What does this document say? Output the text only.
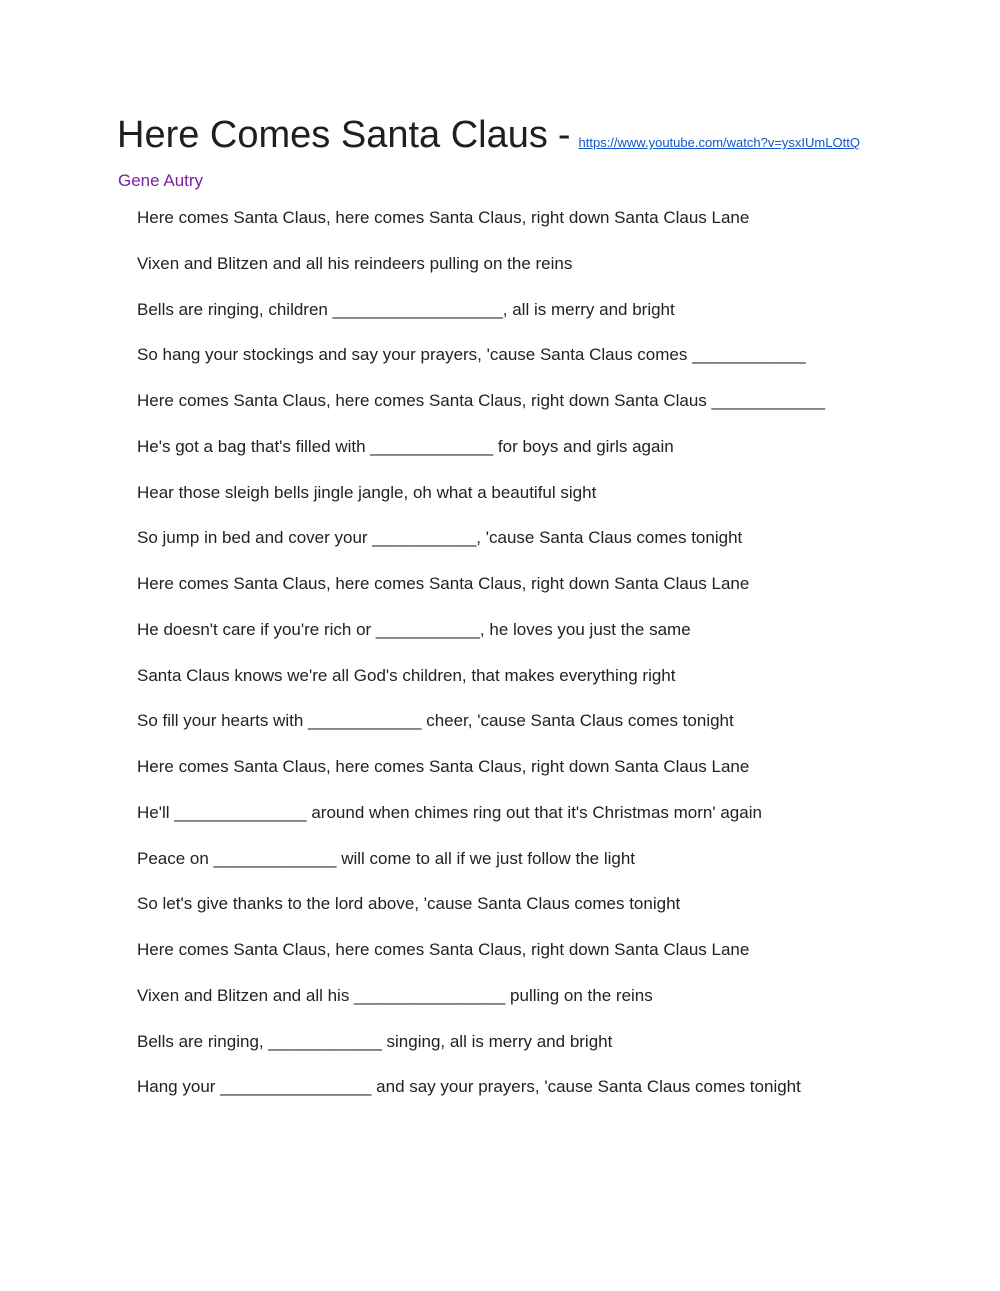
Here Comes Santa Claus - https://www.youtube.com/watch?v=ysxIUmLOttQ
Gene Autry
Here comes Santa Claus, here comes Santa Claus, right down Santa Claus Lane
Vixen and Blitzen and all his reindeers pulling on the reins
Bells are ringing, children __________________, all is merry and bright
So hang your stockings and say your prayers, 'cause Santa Claus comes ____________
Here comes Santa Claus, here comes Santa Claus, right down Santa Claus ____________
He's got a bag that's filled with _____________ for boys and girls again
Hear those sleigh bells jingle jangle, oh what a beautiful sight
So jump in bed and cover your ___________, 'cause Santa Claus comes tonight
Here comes Santa Claus, here comes Santa Claus, right down Santa Claus Lane
He doesn't care if you're rich or ___________, he loves you just the same
Santa Claus knows we're all God's children, that makes everything right
So fill your hearts with ____________ cheer, 'cause Santa Claus comes tonight
Here comes Santa Claus, here comes Santa Claus, right down Santa Claus Lane
He'll ______________ around when chimes ring out that it's Christmas morn' again
Peace on _____________ will come to all if we just follow the light
So let's give thanks to the lord above, 'cause Santa Claus comes tonight
Here comes Santa Claus, here comes Santa Claus, right down Santa Claus Lane
Vixen and Blitzen and all his ________________ pulling on the reins
Bells are ringing, ____________ singing, all is merry and bright
Hang your ________________ and say your prayers, 'cause Santa Claus comes tonight
